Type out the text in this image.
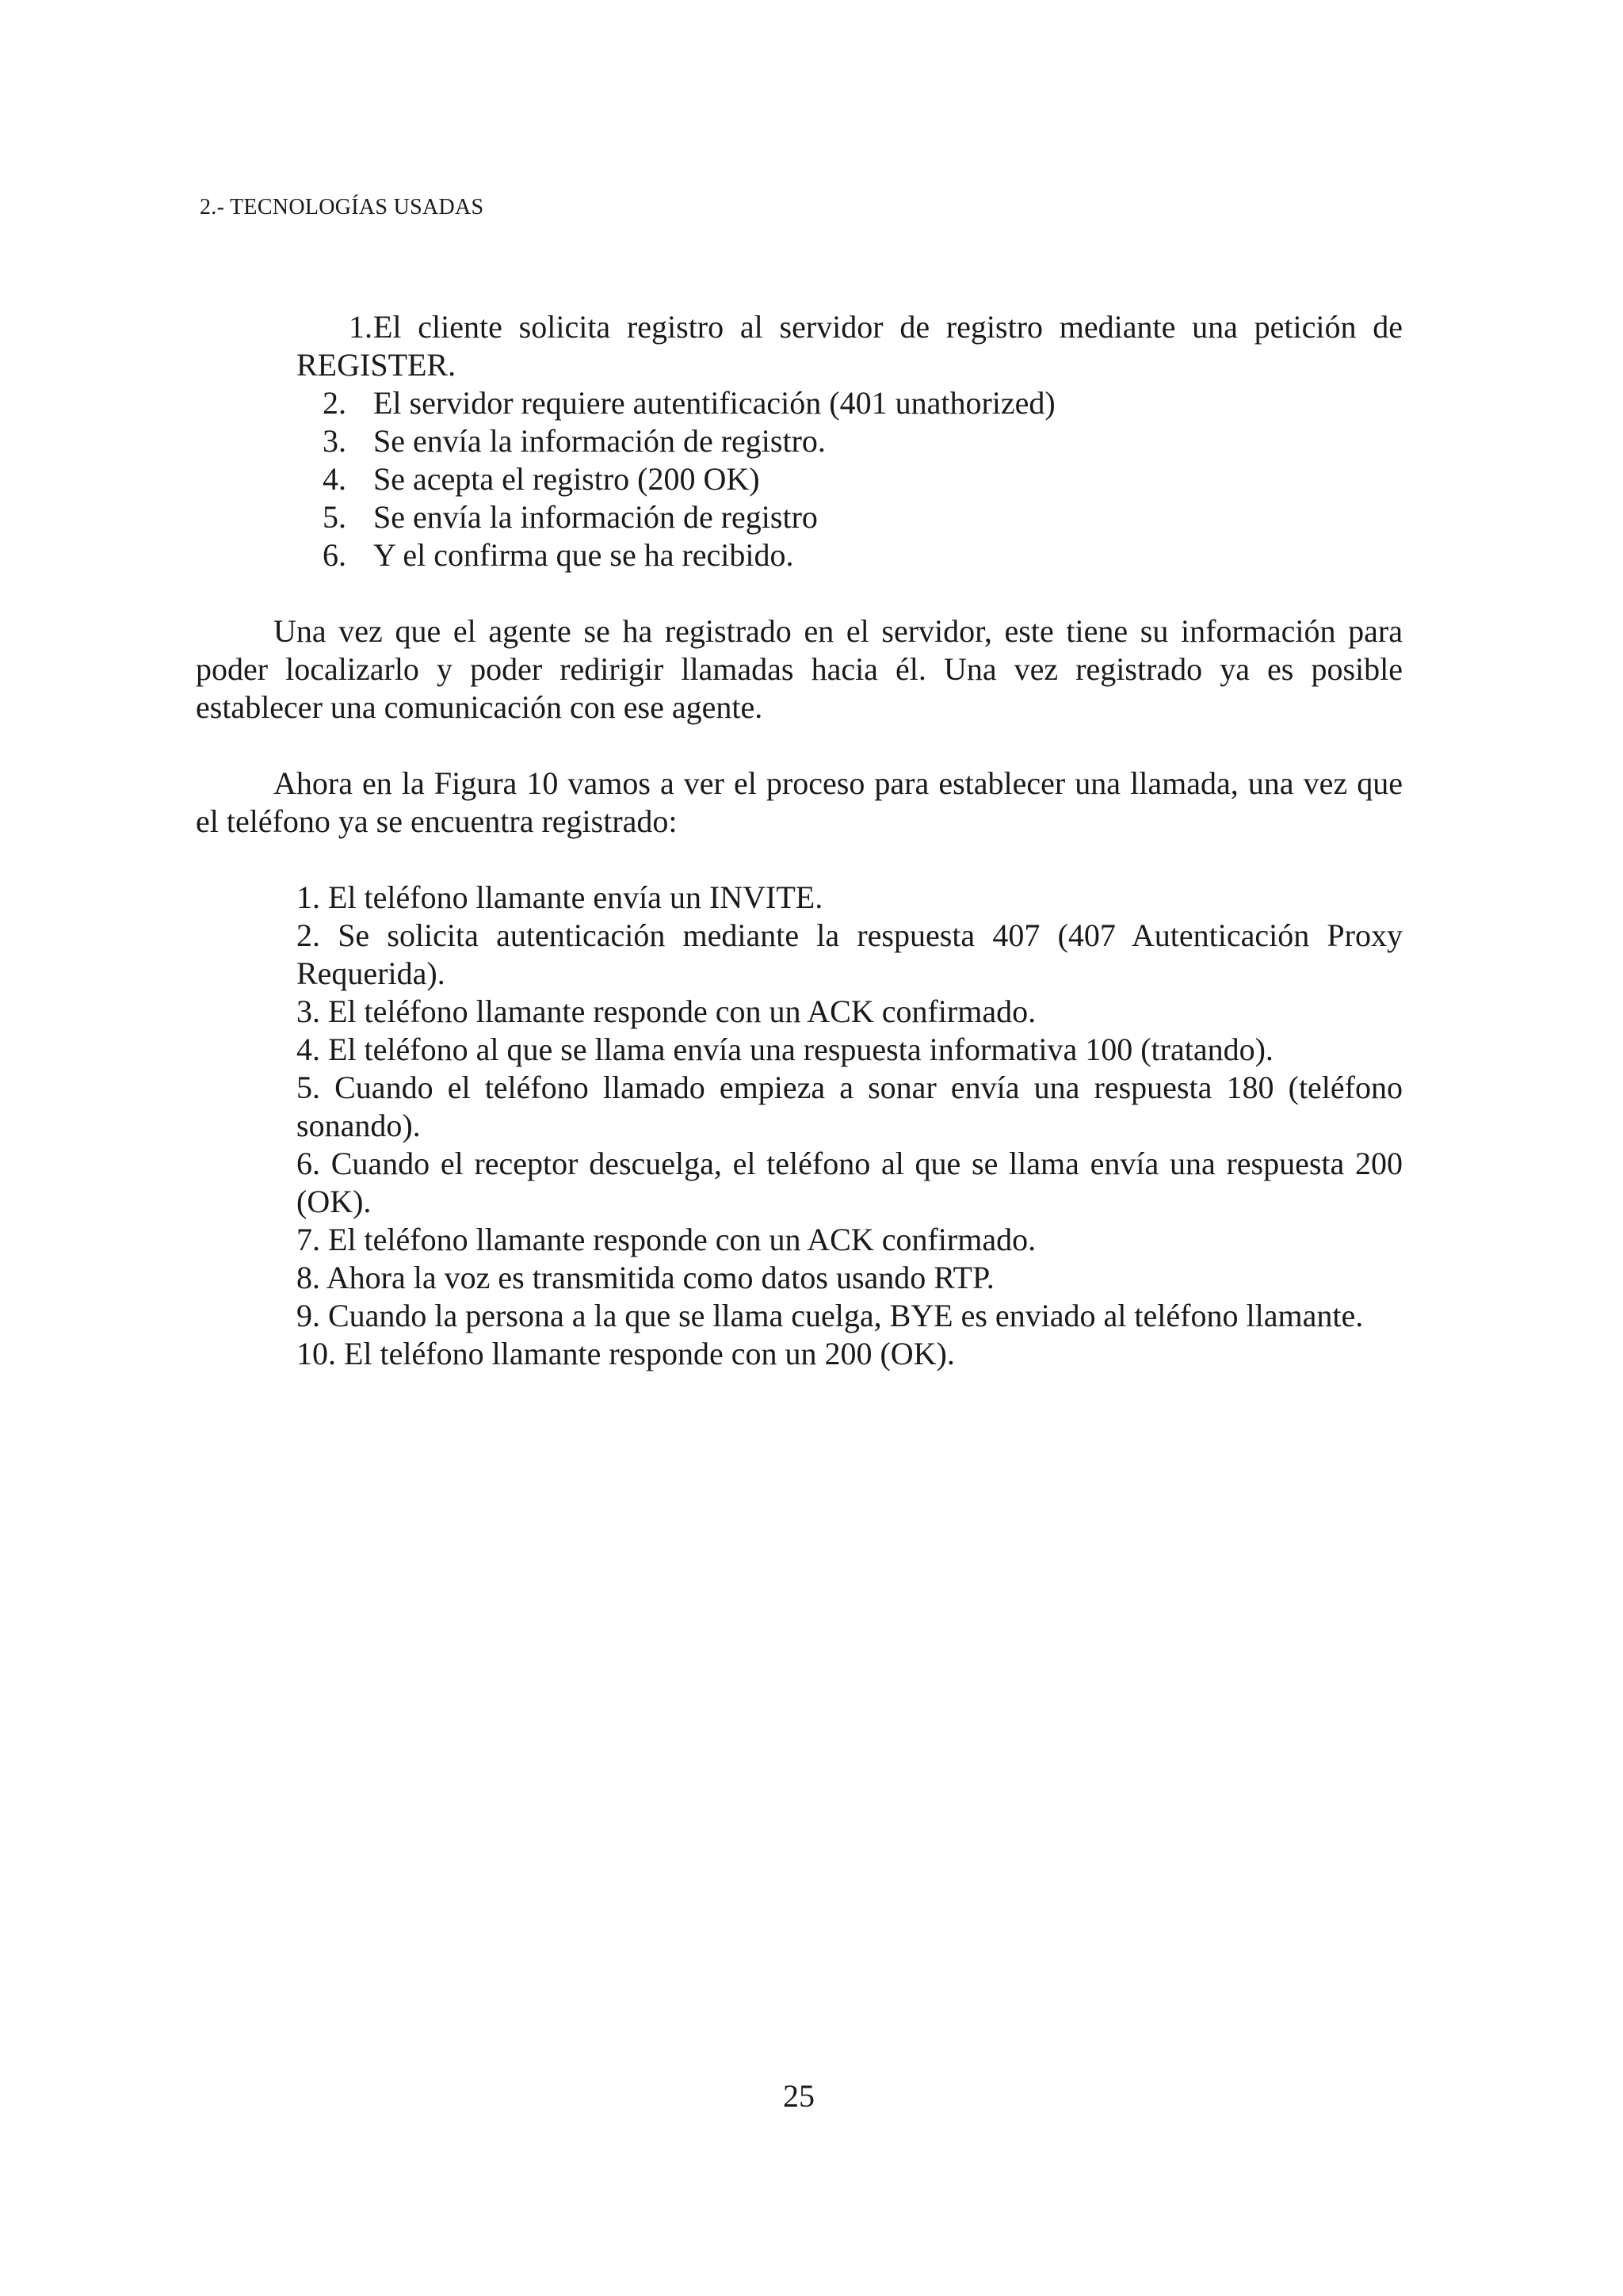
2.- TECNOLOGÍAS USADAS
1.El cliente solicita registro al servidor de registro mediante una petición de REGISTER.
2. El servidor requiere autentificación (401 unathorized)
3. Se envía la información de registro.
4. Se acepta el registro (200 OK)
5. Se envía la información de registro
6. Y el confirma que se ha recibido.

Una vez que el agente se ha registrado en el servidor, este tiene su información para poder localizarlo y poder redirigir llamadas hacia él. Una vez registrado ya es posible establecer una comunicación con ese agente.

Ahora en la Figura 10 vamos a ver el proceso para establecer una llamada, una vez que el teléfono ya se encuentra registrado:

1. El teléfono llamante envía un INVITE.
2. Se solicita autenticación mediante la respuesta 407 (407 Autenticación Proxy Requerida).
3. El teléfono llamante responde con un ACK confirmado.
4. El teléfono al que se llama envía una respuesta informativa 100 (tratando).
5. Cuando el teléfono llamado empieza a sonar envía una respuesta 180 (teléfono sonando).
6. Cuando el receptor descuelga, el teléfono al que se llama envía una respuesta 200 (OK).
7. El teléfono llamante responde con un ACK confirmado.
8. Ahora la voz es transmitida como datos usando RTP.
9. Cuando la persona a la que se llama cuelga, BYE es enviado al teléfono llamante.
10. El teléfono llamante responde con un 200 (OK).
25
